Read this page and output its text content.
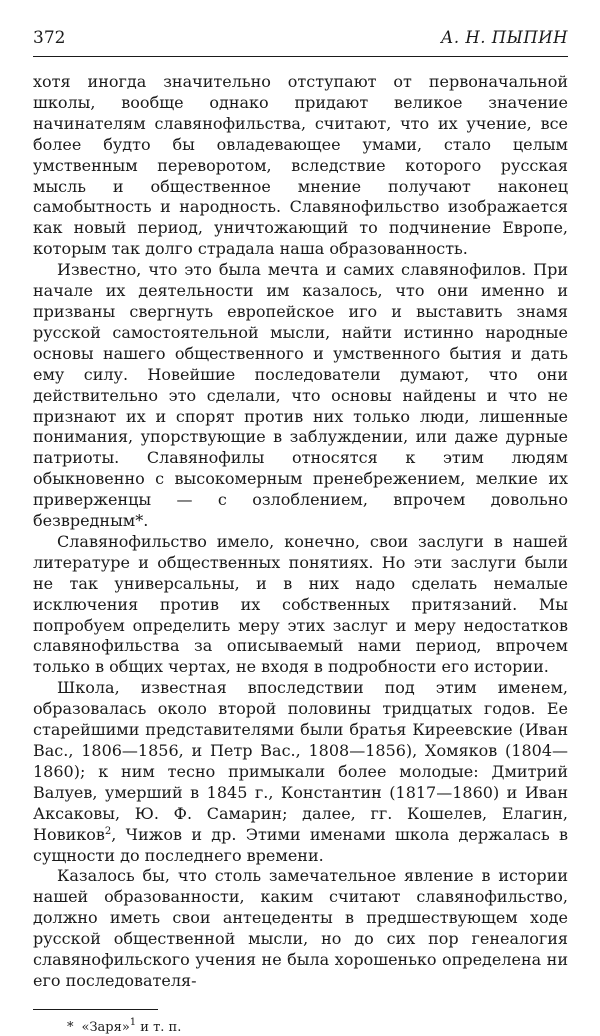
372	А. Н. ПЫПИН

хотя иногда значительно отступают от первоначальной школы, вообще однако придают великое значение начинателям славянофильства, считают, что их учение, все более будто бы овладевающее умами, стало целым умственным переворотом, вследствие которого русская мысль и общественное мнение получают наконец самобытность и народность. Славянофильство изображается как новый период, уничтожающий то подчинение Европе, которым так долго страдала наша образованность.

Известно, что это была мечта и самих славянофилов. При начале их деятельности им казалось, что они именно и призваны свергнуть европейское иго и выставить знамя русской самостоятельной мысли, найти истинно народные основы нашего общественного и умственного бытия и дать ему силу. Новейшие последователи думают, что они действительно это сделали, что основы найдены и что не признают их и спорят против них только люди, лишенные понимания, упорствующие в заблуждении, или даже дурные патриоты. Славянофилы относятся к этим людям обыкновенно с высокомерным пренебрежением, мелкие их приверженцы — с озлоблением, впрочем довольно безвредным*.

Славянофильство имело, конечно, свои заслуги в нашей литературе и общественных понятиях. Но эти заслуги были не так универсальны, и в них надо сделать немалые исключения против их собственных притязаний. Мы попробуем определить меру этих заслуг и меру недостатков славянофильства за описываемый нами период, впрочем только в общих чертах, не входя в подробности его истории.

Школа, известная впоследствии под этим именем, образовалась около второй половины тридцатых годов. Ее старейшими представителями были братья Киреевские (Иван Вас., 1806—1856, и Петр Вас., 1808—1856), Хомяков (1804—1860); к ним тесно примыкали более молодые: Дмитрий Валуев, умерший в 1845 г., Константин (1817—1860) и Иван Аксаковы, Ю. Ф. Самарин; далее, гг. Кошелев, Елагин, Новиков$^2$, Чижов и др. Этими именами школа держалась в сущности до последнего времени.

Казалось бы, что столь замечательное явление в истории нашей образованности, каким считают славянофильство, должно иметь свои антецеденты в предшествующем ходе русской общественной мысли, но до сих пор генеалогия славянофильского учения не была хорошенько определена ни его последователя-

* «Заря»$^1$ и т. п.
